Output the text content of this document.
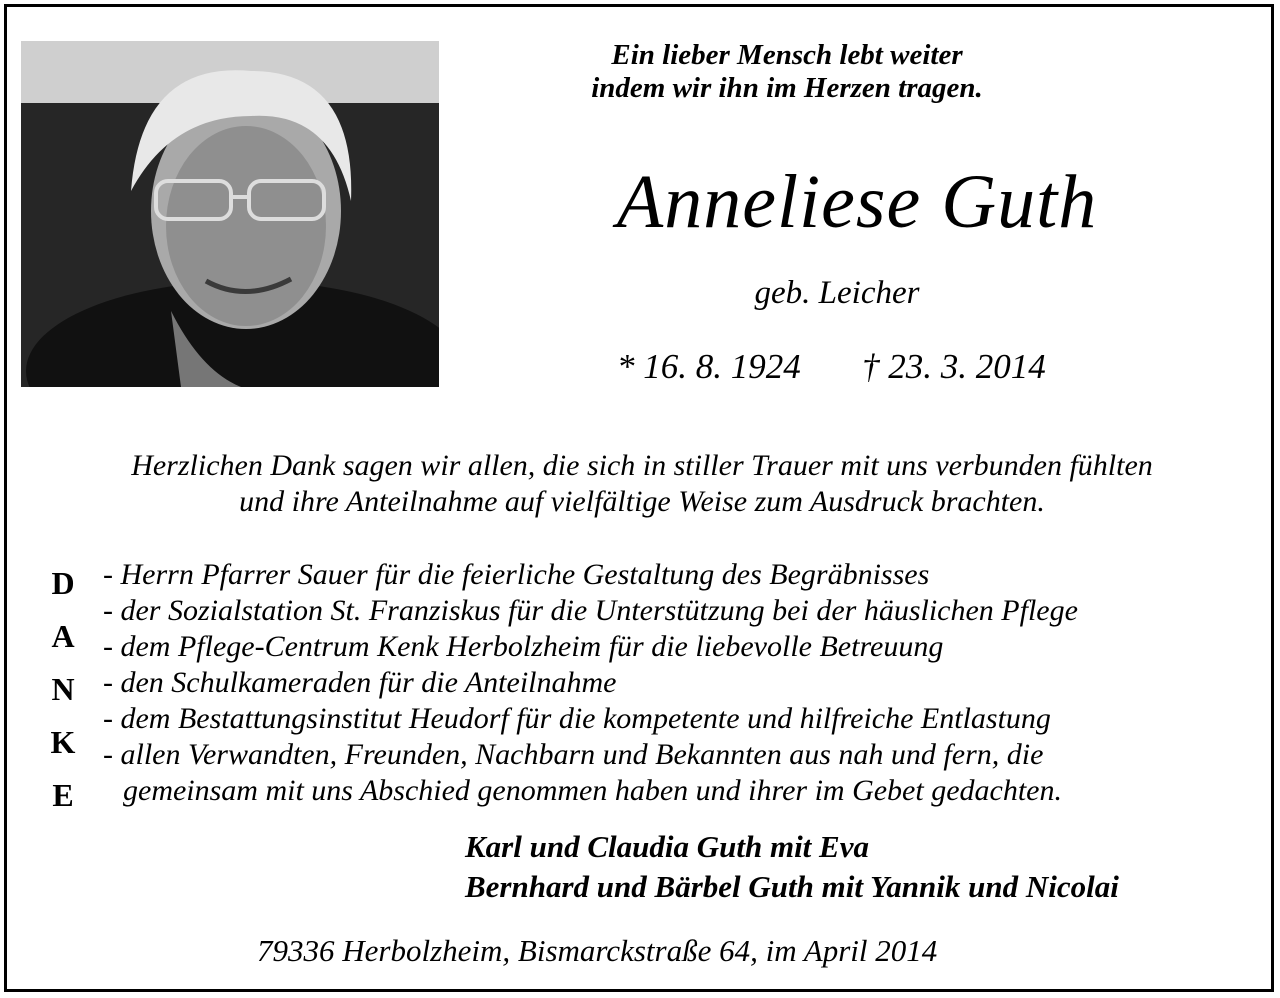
Ein lieber Mensch lebt weiter
indem wir ihn im Herzen tragen.
Anneliese Guth
geb. Leicher
* 16. 8. 1924 † 23. 3. 2014
Herzlichen Dank sagen wir allen, die sich in stiller Trauer mit uns verbunden fühlten
und ihre Anteilnahme auf vielfältige Weise zum Ausdruck brachten.
D
A
N
K
E
- Herrn Pfarrer Sauer für die feierliche Gestaltung des Begräbnisses
- der Sozialstation St. Franziskus für die Unterstützung bei der häuslichen Pflege
- dem Pflege-Centrum Kenk Herbolzheim für die liebevolle Betreuung
- den Schulkameraden für die Anteilnahme
- dem Bestattungsinstitut Heudorf für die kompetente und hilfreiche Entlastung
- allen Verwandten, Freunden, Nachbarn und Bekannten aus nah und fern, die
gemeinsam mit uns Abschied genommen haben und ihrer im Gebet gedachten.
Karl und Claudia Guth mit Eva
Bernhard und Bärbel Guth mit Yannik und Nicolai
79336 Herbolzheim, Bismarckstraße 64, im April 2014
